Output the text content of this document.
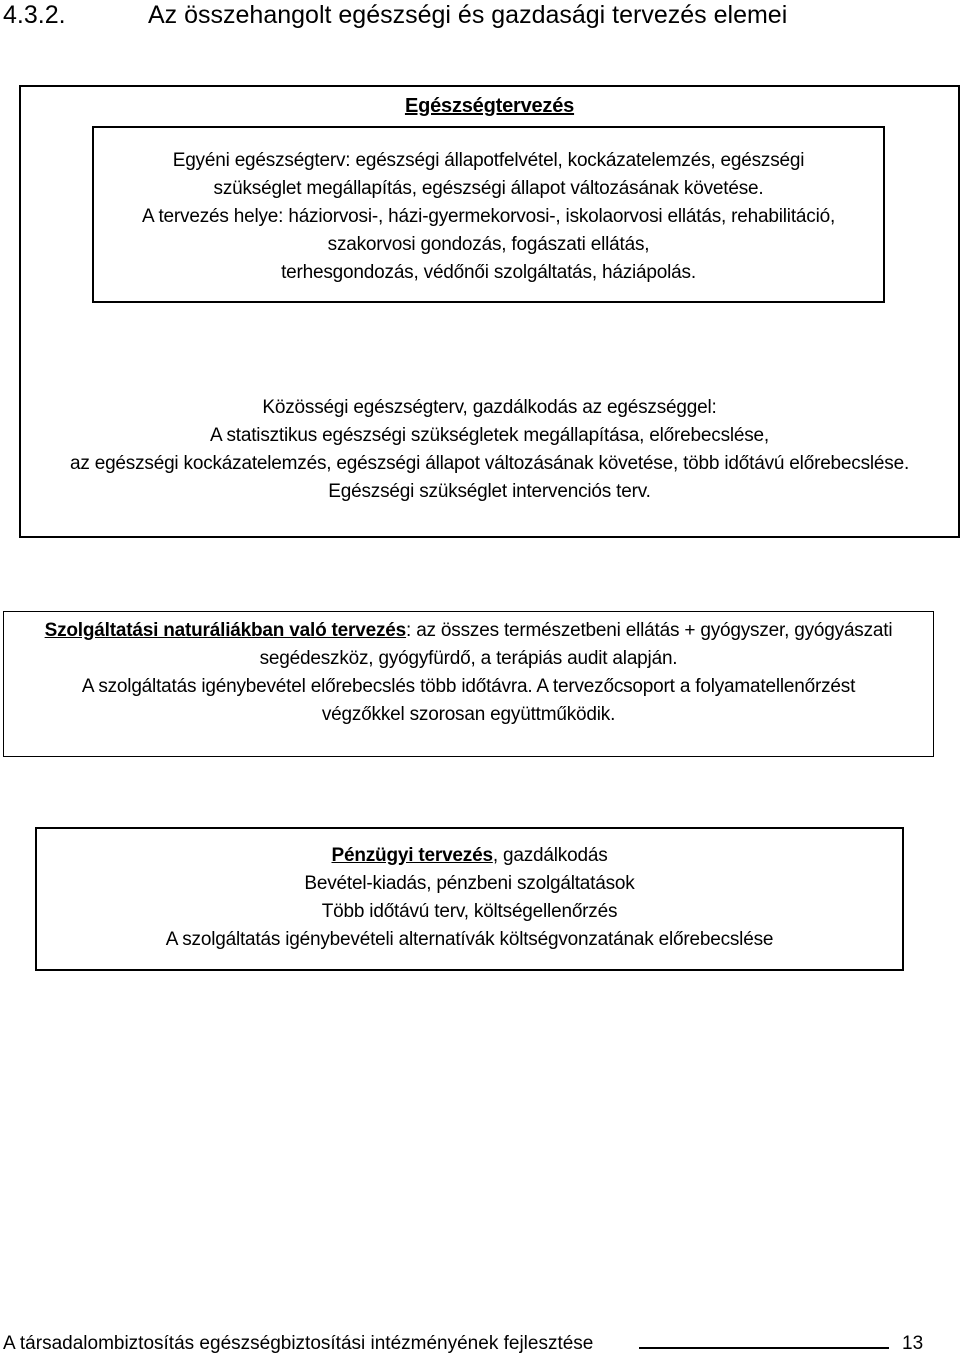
4.3.2.	Az összehangolt egészségi és gazdasági tervezés elemei
Egészségtervezés
Egyéni egészségterv: egészségi állapotfelvétel, kockázatelemzés, egészségi
szükséglet megállapítás, egészségi állapot változásának követése.
A tervezés helye: háziorvosi-, házi-gyermekorvosi-, iskolaorvosi ellátás, rehabilitáció,
szakorvosi gondozás, fogászati ellátás,
terhesgondozás, védőnői szolgáltatás, háziápolás.
Közösségi egészségterv, gazdálkodás az egészséggel:
A statisztikus egészségi szükségletek megállapítása, előrebecslése,
az egészségi kockázatelemzés, egészségi állapot változásának követése, több időtávú előrebecslése.
Egészségi szükséglet intervenciós terv.
Szolgáltatási naturáliákban való tervezés: az összes természetbeni ellátás + gyógyszer, gyógyászati
segédeszköz, gyógyfürdő, a terápiás audit alapján.
A szolgáltatás igénybevétel előrebecslés több időtávra. A tervezőcsoport a folyamatellenőrzést
végzőkkel szorosan együttműködik.
Pénzügyi tervezés, gazdálkodás
Bevétel-kiadás, pénzbeni szolgáltatások
Több időtávú terv, költségellenőrzés
A szolgáltatás igénybevételi alternatívák költségvonzatának előrebecslése
A társadalombiztosítás egészségbiztosítási intézményének fejlesztése	13
